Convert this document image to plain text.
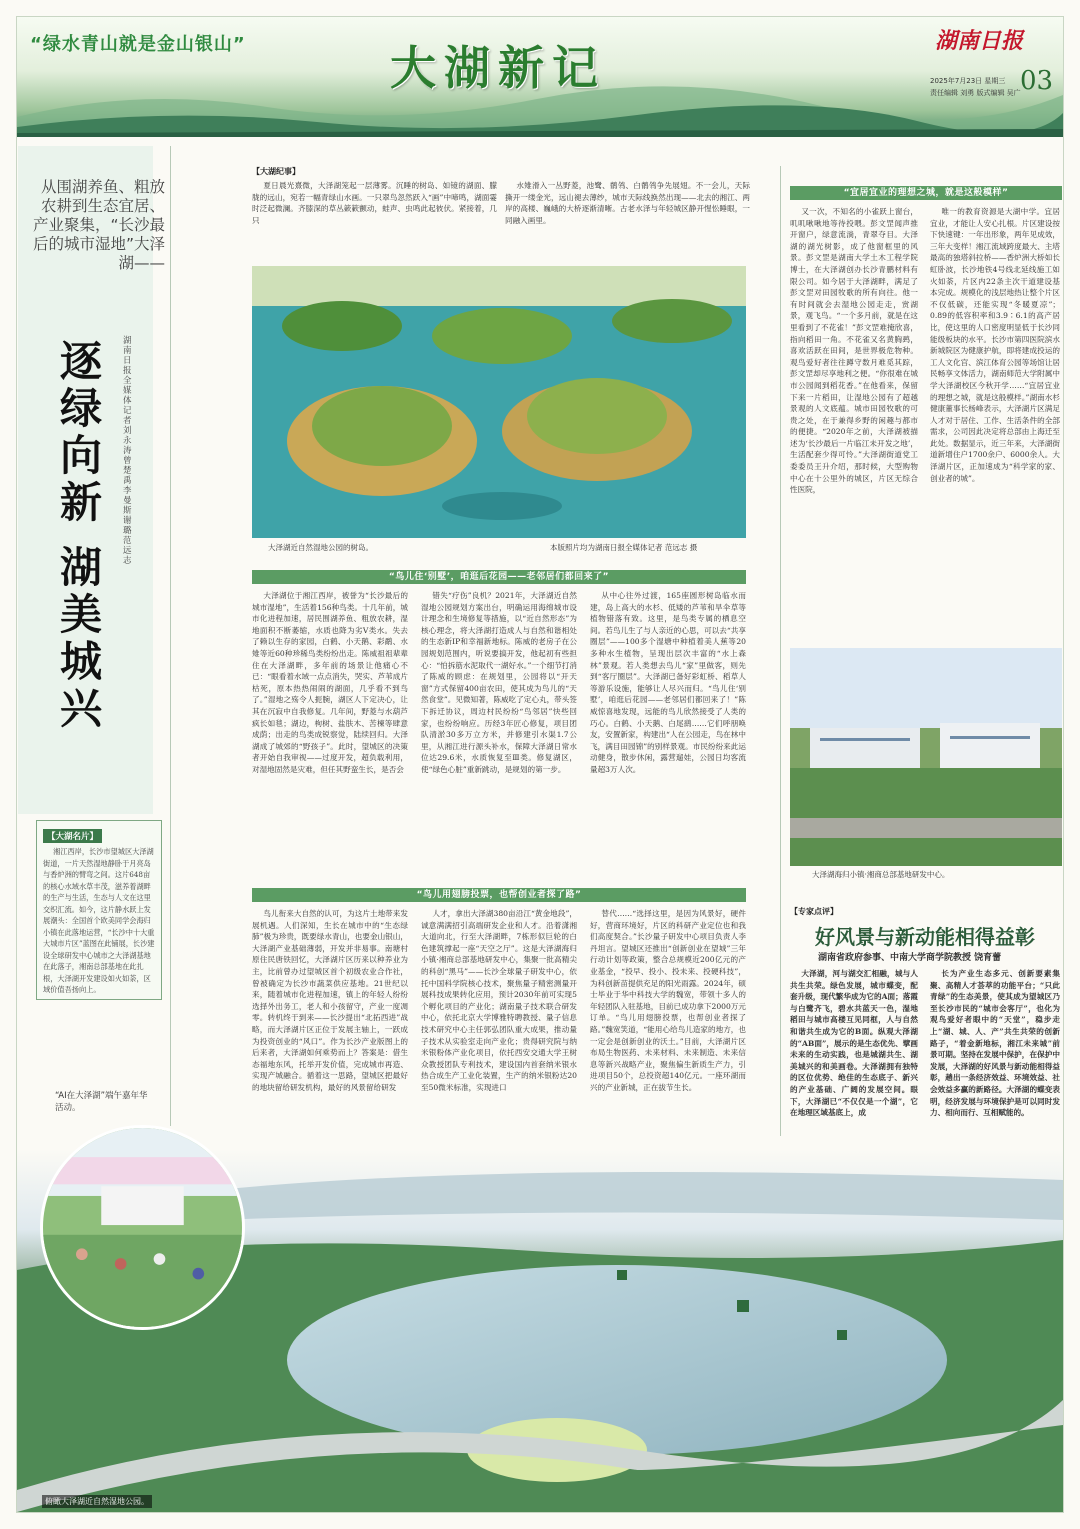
“绿水青山就是金山银山”	大湖新记	湖南日报
2025年7月23日 星期三
责任编辑 刘勇 版式编辑 吴广 03
从围湖养鱼、粗放农耕到生态宜居、产业聚集，“长沙最后的城市湿地”大泽湖——
逐绿向新
湖美城兴
湖南日报全媒体记者 刘永涛 曾楚禹 李曼斯 谢璐 范远志
【大湖名片】
湘江西岸，长沙市望城区大泽湖街道，一片天然湿地静卧于月亮岛与香炉洲的臂弯之间。这片648亩的核心水域水草丰茂，滋养着湖畔的生产与生活，生态与人文在这里交织汇流。如今，这片静水跃上发展潮头：全国首个欧美同学会海归小镇在此落地运营，“长沙中十大重大城市片区”蓝图在此铺展，长沙建设全球研发中心城市之大泽湖基地在此落子，湘南总部基地在此扎根，大泽湖开发建设如火如荼，区域价值吾扬向上。
“AI在大泽湖”端午嘉年华活动。
俯瞰大泽湖近自然湿地公园。
【大湖纪事】

夏日晨光熹微，大泽湖笼起一层薄雾。沉睡的树岛、如镜的湖面、朦胧的远山，宛若一幅青绿山水画。一只翠鸟忽然跃入“画”中啼鸣，湖面霎时泛起微澜。齐膝深的草丛簌簌颤动，蛙声、虫鸣此起彼伏。紧接着，几只

水雉滑入一丛野菱，池鹭、鹡鸰、白鹡鸰争先展翅。不一会儿，天际撕开一缕金光，远山褪去薄纱，城市天际线换然出现——北去的湘江、两岸的高楼、巍峨的大桥逐渐清晰。古老水泽与年轻城区静开惺忪睡眼，一同融入画里。

大泽湖近自然湿地公园的树岛。	本版照片均为湖南日报全媒体记者 范远志 摄
“鸟儿住‘别墅’，咱逛后花园——老邻居们都回来了”

大泽湖位于湘江西岸，被誉为“长沙最后的城市湿地”，生活着156种鸟类。十几年前，城市化进程加速，居民围湖养鱼、粗放农耕，湿地面积不断萎缩，水质也降为劣Ⅴ类水。失去了赖以生存的家园，白鹤、小天鹅、彩鹬、水雉等近60种珍稀鸟类纷纷出走。陈威祖祖辈辈住在大泽湖畔，多年前的场景让他痛心不已：“眼看着水域一点点消失，哭实、芦苇成片枯死，原本热热闹闹的湖面，几乎看不到鸟了。”湿地之殇令人扼腕，湖区人下定决心，让其在沉寂中自我修复。几年间，野菱与水葫芦疯长如毯；湖边，枸树、盐肤木、苦楝等肆意成荫；出走的鸟类成锐察觉，陆续回归。大泽湖成了城郊的“野孩子”。此时，望城区的决策者开始自我审视——过度开发，超负载利用，对湿地固然是灾难，但任其野蛮生长，是否会

错失“疗伤”良机？2021年，大泽湖近自然湿地公园规划方案出台，明确运用海绵城市设计理念和生境修复等措施，以“近自然形态”为核心理念，将大泽湖打造成人与自然和谐相处的生态新IP和幸福新地标。陈威的老房子在公园规划范围内，听说要搞开发，他起初有些担心：“怕拆筋水泥取代一湖好水。”一个细节打消了陈威的顾虑：在规划里，公园将以“开天窗”方式保留400亩农田，使其成为鸟儿的“天然食堂”。见微知著，陈威吃了定心丸，带头签下拆迁协议，周边村民纷纷“鸟邻居”快些回家，也纷纷响应。历经3年匠心修复，项目团队清淤30多万立方米，并修建引水渠1.7公里，从湘江进行源头补水，保障大泽湖日常水位达29.6米，水质恢复至Ⅲ类。修复湖区，使“绿色心脏”重新跳动，是规划的第一步。

从中心往外过渡，165座圆形树岛临水而建，岛上高大的水杉、低矮的芦苇和旱伞草等植物错落有致。这里，是鸟类专属的栖息空间。若鸟儿生了与人亲近的心思，可以去“共享圈层”——100多个湿塘中种植着美人蕉等20多种水生植物，呈现出层次丰富的“水上森林”景观。若人类想去鸟儿“家”里做客，则先到“客厅圈层”。大泽湖已备好彩虹桥、稻草人等游乐设施，能够让人尽兴而归。“鸟儿住‘别墅’，咱逛后花园——老邻居们都回来了！”陈威惊喜地发现，远能的鸟儿欣然接受了人类的巧心。白鹤、小天鹅、白尾鹞……它们呼朋唤友，安置新家，构建出“人在公园走，鸟在林中飞，满目田园锦”的别样景观。市民纷纷来此运动健身，散步休闲，露营遛娃，公园日均客流量超3万人次。

“鸟儿用翅膀投票，也帮创业者探了路”

鸟儿衔来大自然的认可，为这片土地带来发展机遇。人们深知，生长在城市中的“生态绿肺”极为珍贵，既要绿水青山，也要金山银山，大泽湖产业基础薄弱，开发并非易事。南塘村原住民唐铁回忆，大泽湖片区历来以种养业为主，比前曾办过望城区首个初级农业合作社，曾被确定为长沙市蔬菜供应基地。21世纪以来，随着城市化进程加速，镇上的年轻人纷纷选择外出务工，老人和小孩留守，产业一度凋零。转机终于到来——长沙提出“北拓西进”战略，而大泽湖片区正位于发展主轴上，一跃成为投资创业的“风口”。作为长沙产业版图上的后来者，大泽湖如何乘势而上？答案是：借生态福地东风，托举开发价值，完成城市再造、实现产城融合。循着这一思路，望城区把最好的地块留给研发机构，最好的风景留给研发

人才，拿出大泽湖380亩沿江“黄金地段”，诚意满满招引高端研发企业和人才。沿着潇湘大道向北，行至大泽湖畔，7栋形似巨轮的白色建筑撑起一座“天空之厅”。这是大泽湖海归小镇·湘商总部基地研发中心，集聚一批高精尖的科创“黑马”——长沙全球量子研发中心，依托中国科学院核心技术，聚焦量子精密测量开展科技成果转化应用，预计2030年前可实现5个孵化项目的产业化；湖南量子技术联合研发中心，依托北京大学博雅特聘教授、量子信息技术研究中心主任郭弘团队重大成果，推动量子技术从实验室走向产业化；贵得研究院与纳米银粉体产业化项目，依托西安交通大学王树众教授团队专利技术，建设国内首套纳米银水热合成生产工业化装置，生产的纳米银粉达20至50微米标准，实现进口

替代……“选择这里，是因为风景好，硬件好，营商环境好，片区的科研产业定位也和我们高度契合。”长沙量子研发中心项目负责人李丹坦言。望城区还推出“创新创业在望城”三年行动计划等政策，整合总规模近200亿元的产业基金，“投早、投小、投未来、投硬科技”，为科创新苗提供充足的阳光雨露。2024年，硕士毕业于华中科技大学的魏宽，带领十多人的年轻团队入驻基地，目前已成功拿下2000万元订单。“鸟儿用翅膀投票，也帮创业者探了路。”魏宽笑道，“能用心给鸟儿造家的地方，也一定会是创新创业的沃土。”目前，大泽湖片区布局生物医药、未来材料、未来制造、未来信息等新兴战略产业，聚焦偏生新质生产力，引进项目50个，总投资超140亿元。一座环湖而兴的产业新城，正在拔节生长。

“宜居宜业的理想之城，就是这般模样”

又一次，不知名的小雀跃上窗台，叽叽啾啾地等待投喂。彭文罡闻声推开窗户，绿意流淌，青翠夺目。大泽湖的湖光树影，成了他窗框里的风景。彭文罡是湖南大学土木工程学院博士，在大泽湖创办长沙青鹏材料有限公司。如今居于大泽湖畔，满足了彭文罡对田园牧歌的所有向往。他一有时间就会去湿地公园走走，赏湖景，观飞鸟。“一个多月前，就是在这里看到了不花雀！”彭文罡难掩欣喜，指向稻田一角。不花雀又名黄胸鹀，喜欢活跃在田间，是世界极危物种。观鸟爱好者往往蹲守数月难觅其踪，彭文罡却尽享地利之便。“你很难在城市公园闻到稻花香。”在他看来，保留下来一片稻田，让湿地公园有了超越景观的人文底蕴。城市田园牧歌的可贵之处，在于兼得乡野的闲趣与都市的便捷。“2020年之前，大泽湖被描述为‘长沙最后一片临江未开发之地’，生活配套少得可怜。”大泽湖街道党工委委员王升介绍，那时候，大型购物中心在十公里外的城区，片区无综合性医院，

唯一的教育资源是大湖中学。宜居宜业，才能让人安心扎根。片区建设按下快速键：一年出形象，两年见成效，三年大变样！湘江流域跨度最大、主塔最高的独塔斜拉桥——香炉洲大桥如长虹卧波，长沙地铁4号线北延线施工如火如荼，片区内22条主次干道建设基本完成。规模化的浅层地热让整个片区不仅低碳，还能实现“冬暖夏凉”；0.89的低容积率和3.9∶6.1的高产居比，使这里的人口密度明显低于长沙同能级板块的水平。长沙市第四医院滨水新城院区为健康护航，即将建成投运的工人文化宫、滨江体育公园等场馆让居民畅享文体活力，湖南师范大学附属中学大泽湖校区今秋开学……“宜居宜业的理想之城，就是这般模样。”湖南水杉健康董事长杨峰表示，大泽湖片区满足人才对于居住、工作、生活条件的全部需求，公司因此决定将总部由上海迁至此处。数据显示，近三年来，大泽湖街道新增住户1700余户、6000余人。大泽湖片区，正加速成为“科学家的家、创业者的城”。

大泽湖海归小镇·湘商总部基地研发中心。
【专家点评】
好风景与新动能相得益彰
湖南省政府参事、中南大学商学院教授 饶育蕾

大泽湖，河与湖交汇相融，城与人共生共荣。绿色发展，城市蝶变，配套升级，现代繁华成为它的A面；落霞与白鹭齐飞，碧水共蓝天一色，湿地稻田与城市高楼互见同框，人与自然和谐共生成为它的B面。纵观大泽湖的“AB面”，展示的是生态优先、擘画未来的生动实践，也是城湖共生、湖美城兴的和美画卷。大泽湖拥有独特的区位优势、绝佳的生态底子、新兴的产业基础、广阔的发展空间。眼下，大泽湖已“不仅仅是一个湖”，它在地理区域基底上，成

长为产业生态多元、创新要素集聚、高精人才荟萃的功能平台；“只此青绿”的生态美景，使其成为望城区乃至长沙市民的“城市会客厅”，也化为观鸟爱好者眼中的“天堂”，稳步走上“湖、城、人、产”共生共荣的创新路子，“着金新地标，湘江未来城”前景可期。坚持在发展中保护，在保护中发展，大泽湖的好风景与新动能相得益彰，趟出一条经济效益、环境效益、社会效益多赢的新路径。大泽湖的蝶变表明，经济发展与环境保护是可以同时发力、相向而行、互相赋能的。
